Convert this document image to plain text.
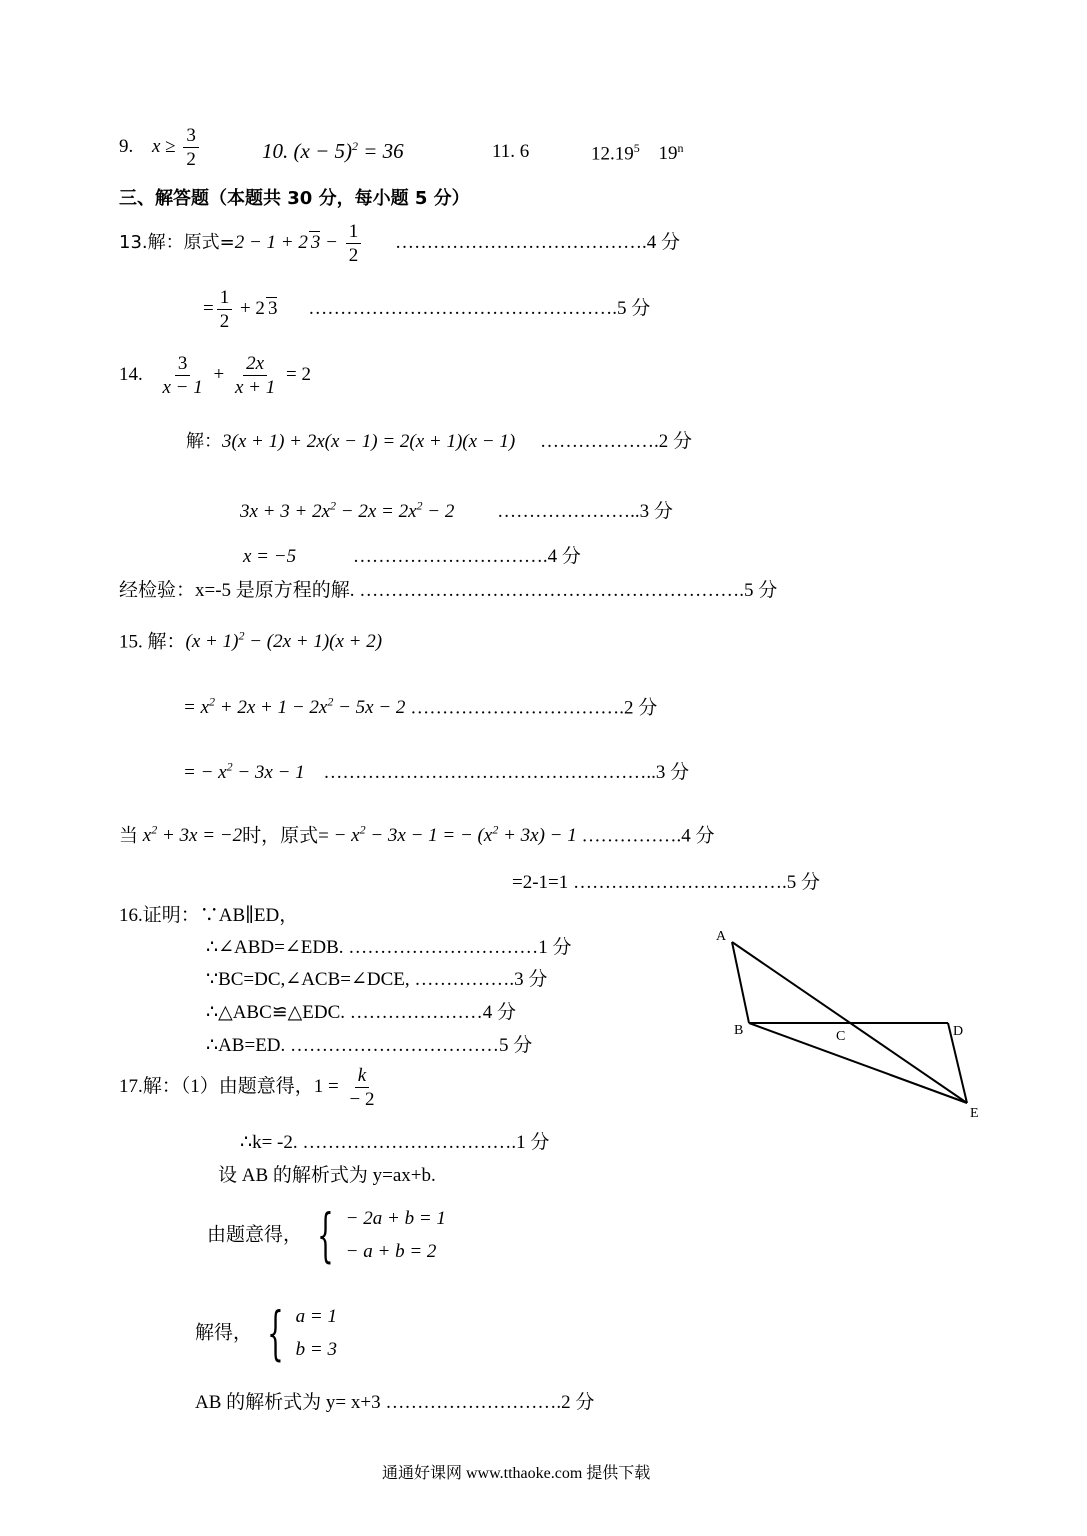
9. $x \ge \frac{3}{2}$	10. $(x - 5)^2 = 36$	11. 6	12.19$^5$ 19$^n$
三、解答题（本题共 30 分，每小题 5 分）
13.解：原式=2 − 1 + 2 $3 - \frac{1}{2}$ ………………………………….4 分
= $\frac{1}{2} + 2$ 3 ………………………………………….5 分
14. $\frac{3}{x - 1} + \frac{2x}{x + 1} = 2$
解：3(x + 1) + 2x(x − 1) = 2(x + 1)(x − 1) ……………….2 分
$3x + 3 + 2x^2 - 2x = 2x^2 - 2$ …………………..3 分
x = −5	………………………….4 分
经检验：x=-5 是原方程的解. …………………………………………………….5 分
15. 解：$(x + 1)^2 - (2x + 1)(x + 2)$
= $x^2 + 2x + 1 - 2x^2 - 5x - 2$ …………………………….2 分
= − $x^2 - 3x - 1$ ……………………………………………..3 分
当 $x^2 + 3x = -2$时，原式= − $x^2 - 3x - 1$ = − $(x^2 + 3x) - 1$ …………….4 分
=2-1=1 …………………………….5 分
16.证明：∵AB∥ED，
∴∠ABD=∠EDB. …………………………1 分
∵BC=DC,∠ACB=∠DCE, …………….3 分
∴△ABC≌△EDC. …………………4 分
∴AB=ED. ……………………………5 分
A
B	C	D
E
17.解：（1）由题意得，$1 = \frac{k}{- 2}$
∴k= -2. …………………………….1 分
设 AB 的解析式为 y=ax+b.
由题意得， { − 2a + b = 1
− a + b = 2
解得， { a = 1
b = 3
AB 的解析式为 y= x+3 ……………………….2 分
通通好课网 www.tthaoke.com 提供下载
